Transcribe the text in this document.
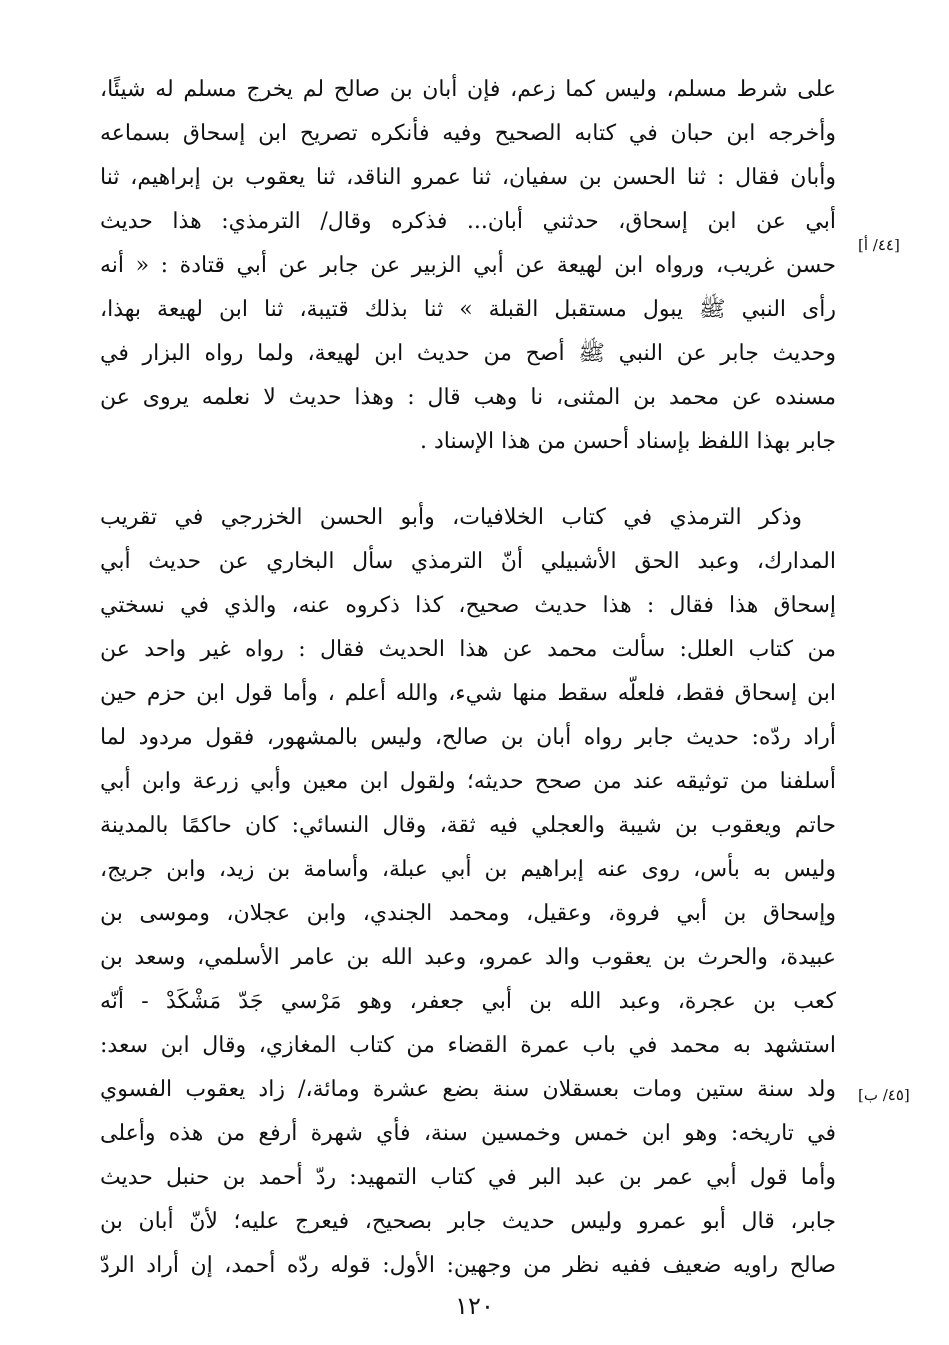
على شرط مسلم، وليس كما زعم، فإن أبان بن صالح لم يخرج مسلم له شيئًا،
وأخرجه ابن حبان في كتابه الصحيح وفيه فأنكره تصريح ابن إسحاق بسماعه
وأبان فقال : ثنا الحسن بن سفيان، ثنا عمرو الناقد، ثنا يعقوب بن إبراهيم، ثنا
أبي عن ابن إسحاق، حدثني أبان... فذكره وقال/ الترمذي: هذا حديث
حسن غريب، ورواه ابن لهيعة عن أبي الزبير عن جابر عن أبي قتادة : « أنه
رأى النبي ﷺ يبول مستقبل القبلة » ثنا بذلك قتيبة، ثنا ابن لهيعة بهذا،
وحديث جابر عن النبي ﷺ أصح من حديث ابن لهيعة، ولما رواه البزار في
مسنده عن محمد بن المثنى، نا وهب قال : وهذا حديث لا نعلمه يروى عن
جابر بهذا اللفظ بإسناد أحسن من هذا الإسناد .
وذكر الترمذي في كتاب الخلافيات، وأبو الحسن الخزرجي في تقريب
المدارك، وعبد الحق الأشبيلي أنّ الترمذي سأل البخاري عن حديث أبي
إسحاق هذا فقال : هذا حديث صحيح، كذا ذكروه عنه، والذي في نسختي
من كتاب العلل: سألت محمد عن هذا الحديث فقال : رواه غير واحد عن
ابن إسحاق فقط، فلعلّه سقط منها شيء، والله أعلم ، وأما قول ابن حزم حين
أراد ردّه: حديث جابر رواه أبان بن صالح، وليس بالمشهور، فقول مردود لما
أسلفنا من توثيقه عند من صحح حديثه؛ ولقول ابن معين وأبي زرعة وابن أبي
حاتم ويعقوب بن شيبة والعجلي فيه ثقة، وقال النسائي: كان حاكمًا بالمدينة
وليس به بأس، روى عنه إبراهيم بن أبي عبلة، وأسامة بن زيد، وابن جريج،
وإسحاق بن أبي فروة، وعقيل، ومحمد الجندي، وابن عجلان، وموسى بن
عبيدة، والحرث بن يعقوب والد عمرو، وعبد الله بن عامر الأسلمي، وسعد بن
كعب بن عجرة، وعبد الله بن أبي جعفر، وهو مَرْسي جَدّ مَشْكَدْ - أنّه
استشهد به محمد في باب عمرة القضاء من كتاب المغازي، وقال ابن سعد:
ولد سنة ستين ومات بعسقلان سنة بضع عشرة ومائة،/ زاد يعقوب الفسوي
في تاريخه: وهو ابن خمس وخمسين سنة، فأي شهرة أرفع من هذه وأعلى
وأما قول أبي عمر بن عبد البر في كتاب التمهيد: ردّ أحمد بن حنبل حديث
جابر، قال أبو عمرو وليس حديث جابر بصحيح، فيعرج عليه؛ لأنّ أبان بن
صالح راويه ضعيف ففيه نظر من وجهين: الأول: قوله ردّه أحمد، إن أراد الردّ
[٤٤/ أ]
[٤٥/ ب]
١٢٠
